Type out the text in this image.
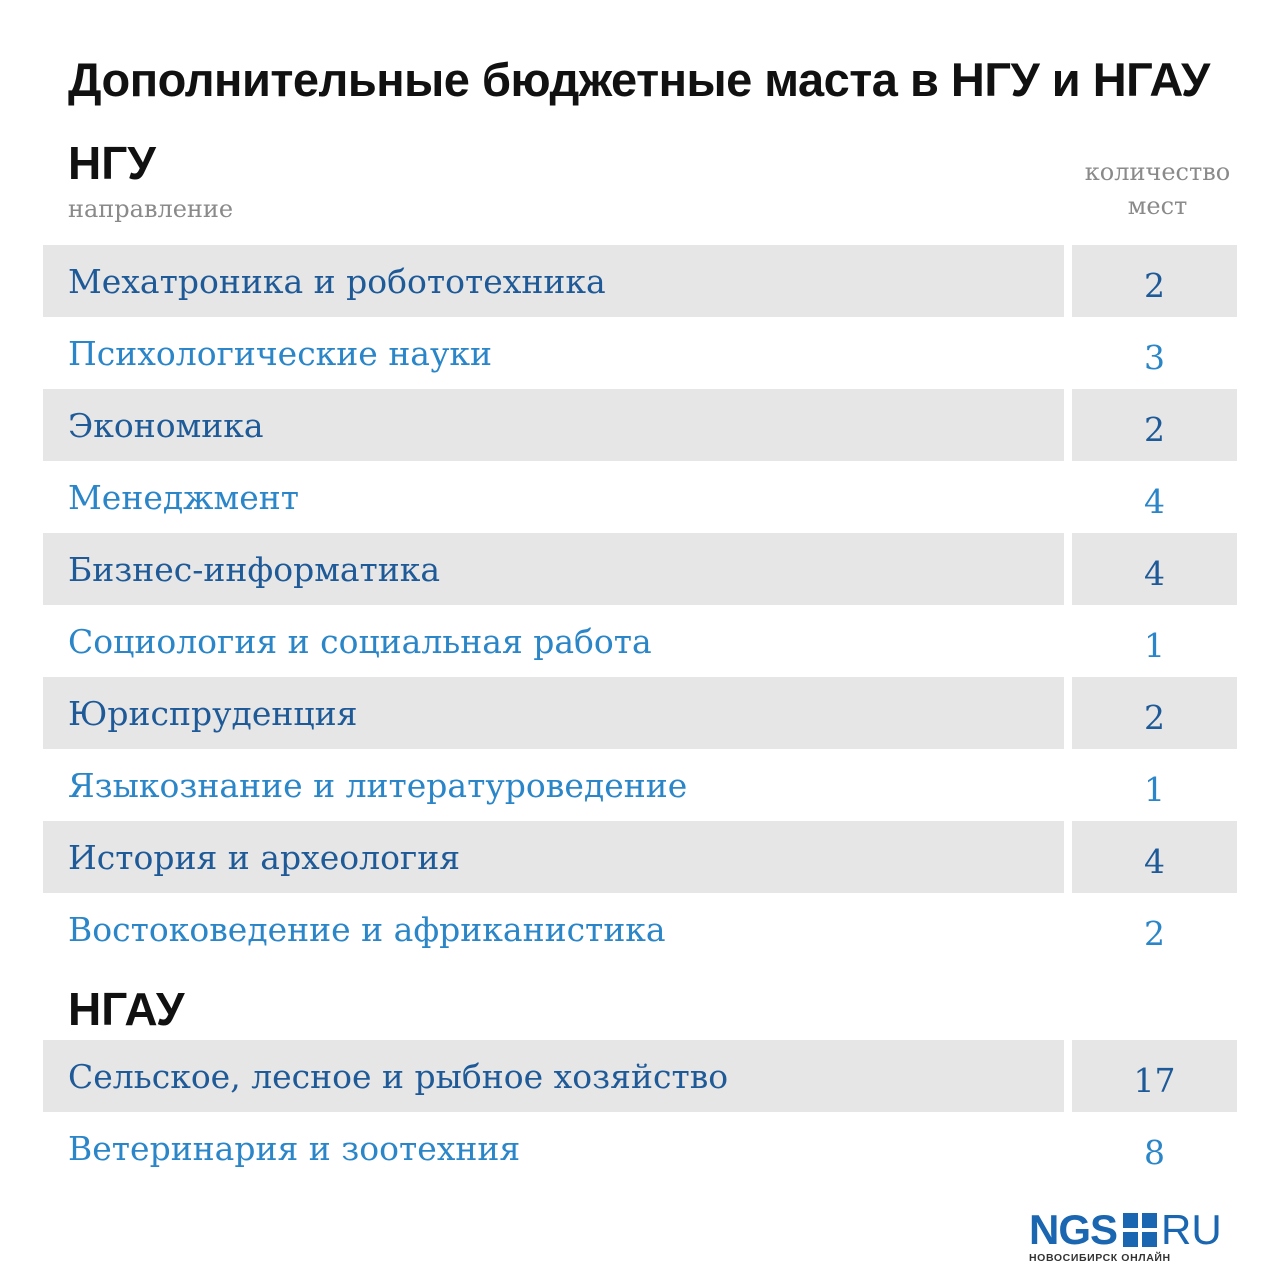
Дополнительные бюджетные маста в НГУ и НГАУ
НГУ
направление
количество
мест
Мехатроника и робототехника	2
Психологические науки	3
Экономика	2
Менеджмент	4
Бизнес-информатика	4
Социология и социальная работа	1
Юриспруденция	2
Языкознание и литературоведение	1
История и археология	4
Востоковедение и африканистика	2
НГАУ
Сельское, лесное и рыбное хозяйство	17
Ветеринария и зоотехния	8
NGS RU
НОВОСИБИРСК ОНЛАЙН
